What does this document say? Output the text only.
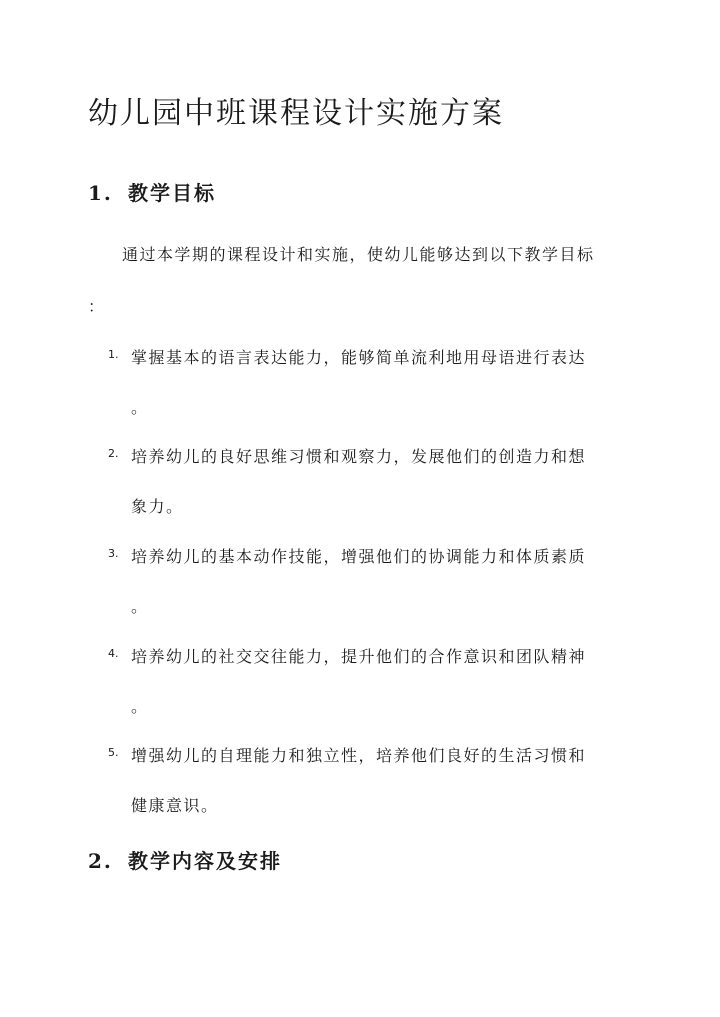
幼儿园中班课程设计实施方案
1. 教学目标

通过本学期的课程设计和实施，使幼儿能够达到以下教学目标
：

1. 掌握基本的语言表达能力，能够简单流利地用母语进行表达
。
2. 培养幼儿的良好思维习惯和观察力，发展他们的创造力和想
象力。
3. 培养幼儿的基本动作技能，增强他们的协调能力和体质素质
。
4. 培养幼儿的社交交往能力，提升他们的合作意识和团队精神
。
5. 增强幼儿的自理能力和独立性，培养他们良好的生活习惯和
健康意识。
2. 教学内容及安排
